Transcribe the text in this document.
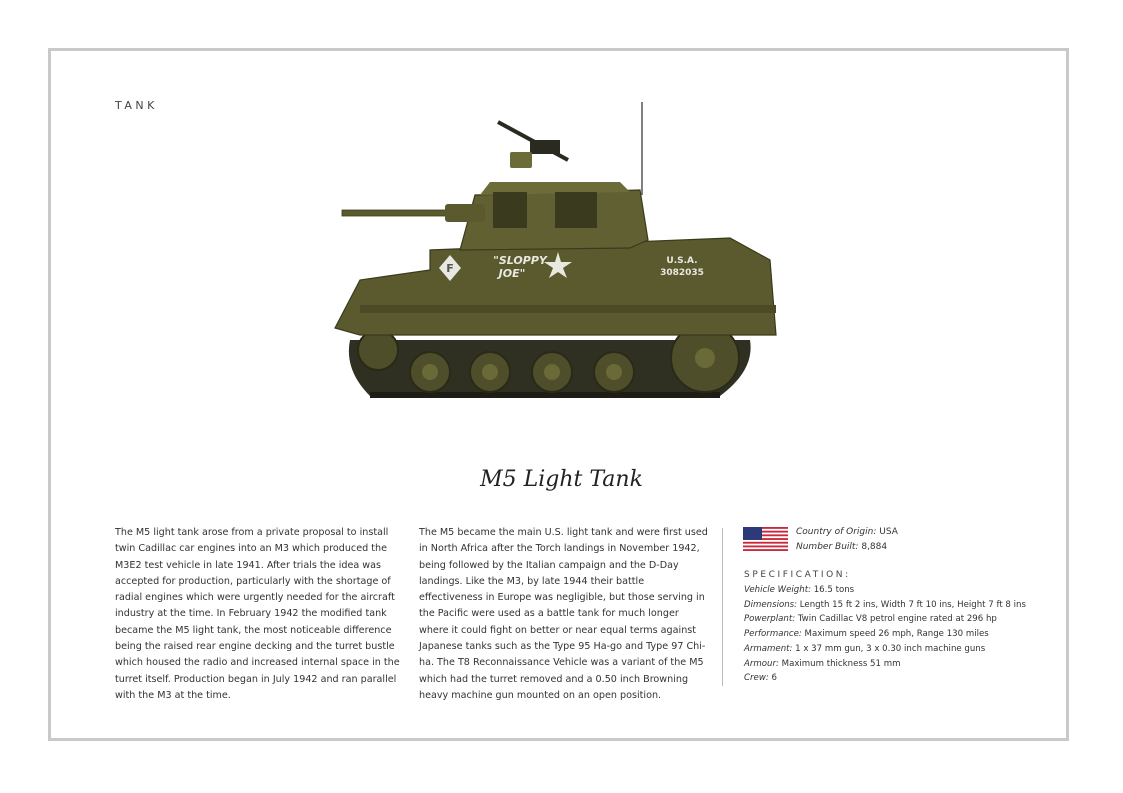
TANK
F
"SLOPPY
JOE"
U.S.A.
3082035
M5 Light Tank
The M5 light tank arose from a private proposal to install twin Cadillac car engines into an M3 which produced the M3E2 test vehicle in late 1941. After trials the idea was accepted for production, particularly with the shortage of radial engines which were urgently needed for the aircraft industry at the time. In February 1942 the modified tank became the M5 light tank, the most noticeable difference being the raised rear engine decking and the turret bustle which housed the radio and increased internal space in the turret itself. Production began in July 1942 and ran parallel with the M3 at the time.
The M5 became the main U.S. light tank and were first used in North Africa after the Torch landings in November 1942, being followed by the Italian campaign and the D-Day landings. Like the M3, by late 1944 their battle effectiveness in Europe was negligible, but those serving in the Pacific were used as a battle tank for much longer where it could fight on better or near equal terms against Japanese tanks such as the Type 95 Ha-go and Type 97 Chi-ha. The T8 Reconnaissance Vehicle was a variant of the M5 which had the turret removed and a 0.50 inch Browning heavy machine gun mounted on an open position.
Country of Origin: USA
Number Built: 8,884
SPECIFICATION:
Vehicle Weight: 16.5 tons
Dimensions: Length 15 ft 2 ins, Width 7 ft 10 ins, Height 7 ft 8 ins
Powerplant: Twin Cadillac V8 petrol engine rated at 296 hp
Performance: Maximum speed 26 mph, Range 130 miles
Armament: 1 x 37 mm gun, 3 x 0.30 inch machine guns
Armour: Maximum thickness 51 mm
Crew: 6
